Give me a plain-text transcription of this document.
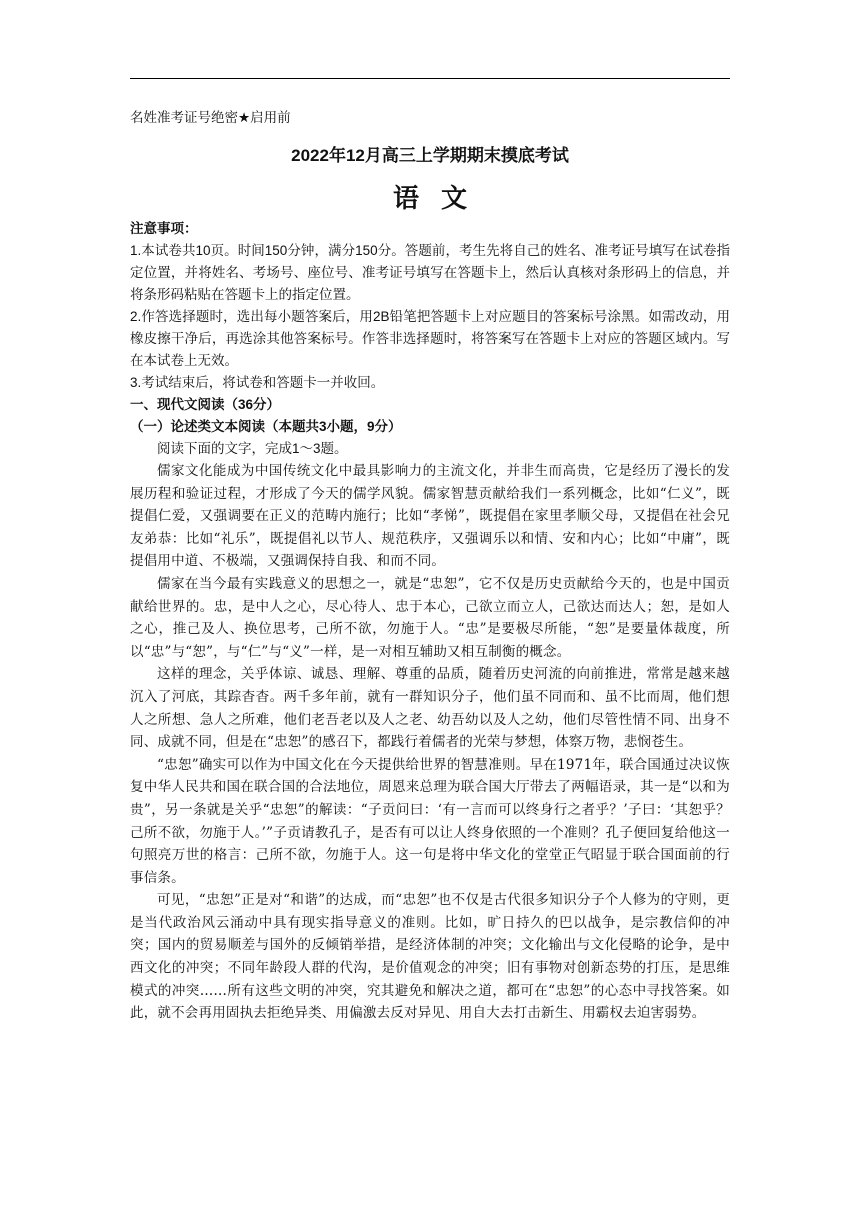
名姓准考证号绝密★启用前
2022年12月高三上学期期末摸底考试
语文
注意事项：

1.本试卷共10页。时间150分钟，满分150分。答题前，考生先将自己的姓名、准考证号填写在试卷指定位置，并将姓名、考场号、座位号、准考证号填写在答题卡上，然后认真核对条形码上的信息，并将条形码粘贴在答题卡上的指定位置。

2.作答选择题时，选出每小题答案后，用2B铅笔把答题卡上对应题目的答案标号涂黑。如需改动，用橡皮擦干净后，再选涂其他答案标号。作答非选择题时，将答案写在答题卡上对应的答题区域内。写在本试卷上无效。

3.考试结束后，将试卷和答题卡一并收回。

一、现代文阅读（36分）
（一）论述类文本阅读（本题共3小题，9分）

阅读下面的文字，完成1～3题。

儒家文化能成为中国传统文化中最具影响力的主流文化，并非生而高贵，它是经历了漫长的发展历程和验证过程，才形成了今天的儒学风貌。儒家智慧贡献给我们一系列概念，比如“仁义”，既提倡仁爱，又强调要在正义的范畴内施行；比如“孝悌”，既提倡在家里孝顺父母，又提倡在社会兄友弟恭：比如“礼乐”，既提倡礼以节人、规范秩序，又强调乐以和情、安和内心；比如“中庸”，既提倡用中道、不极端，又强调保持自我、和而不同。

儒家在当今最有实践意义的思想之一，就是“忠恕”，它不仅是历史贡献给今天的，也是中国贡献给世界的。忠，是中人之心，尽心待人、忠于本心，己欲立而立人，己欲达而达人；恕，是如人之心，推己及人、换位思考，己所不欲，勿施于人。“忠”是要极尽所能，“恕”是要量体裁度，所以“忠”与“恕”，与“仁”与“义”一样，是一对相互辅助又相互制衡的概念。

这样的理念，关乎体谅、诚恳、理解、尊重的品质，随着历史河流的向前推进，常常是越来越沉入了河底，其踪杳杳。两千多年前，就有一群知识分子，他们虽不同而和、虽不比而周，他们想人之所想、急人之所难，他们老吾老以及人之老、幼吾幼以及人之幼，他们尽管性情不同、出身不同、成就不同，但是在“忠恕”的感召下，都践行着儒者的光荣与梦想，体察万物，悲悯苍生。

“忠恕”确实可以作为中国文化在今天提供给世界的智慧准则。早在1971年，联合国通过决议恢复中华人民共和国在联合国的合法地位，周恩来总理为联合国大厅带去了两幅语录，其一是“以和为贵”，另一条就是关乎“忠恕”的解读：“子贡问曰：‘有一言而可以终身行之者乎？’子曰：‘其恕乎？己所不欲，勿施于人。’”子贡请教孔子，是否有可以让人终身依照的一个准则？孔子便回复给他这一句照亮万世的格言：己所不欲，勿施于人。这一句是将中华文化的堂堂正气昭显于联合国面前的行事信条。

可见，“忠恕”正是对“和谐”的达成，而“忠恕”也不仅是古代很多知识分子个人修为的守则，更是当代政治风云涌动中具有现实指导意义的准则。比如，旷日持久的巴以战争，是宗教信仰的冲突；国内的贸易顺差与国外的反倾销举措，是经济体制的冲突；文化输出与文化侵略的论争，是中西文化的冲突；不同年龄段人群的代沟，是价值观念的冲突；旧有事物对创新态势的打压，是思维模式的冲突……所有这些文明的冲突，究其避免和解决之道，都可在“忠恕”的心态中寻找答案。如此，就不会再用固执去拒绝异类、用偏激去反对异见、用自大去打击新生、用霸权去迫害弱势。
